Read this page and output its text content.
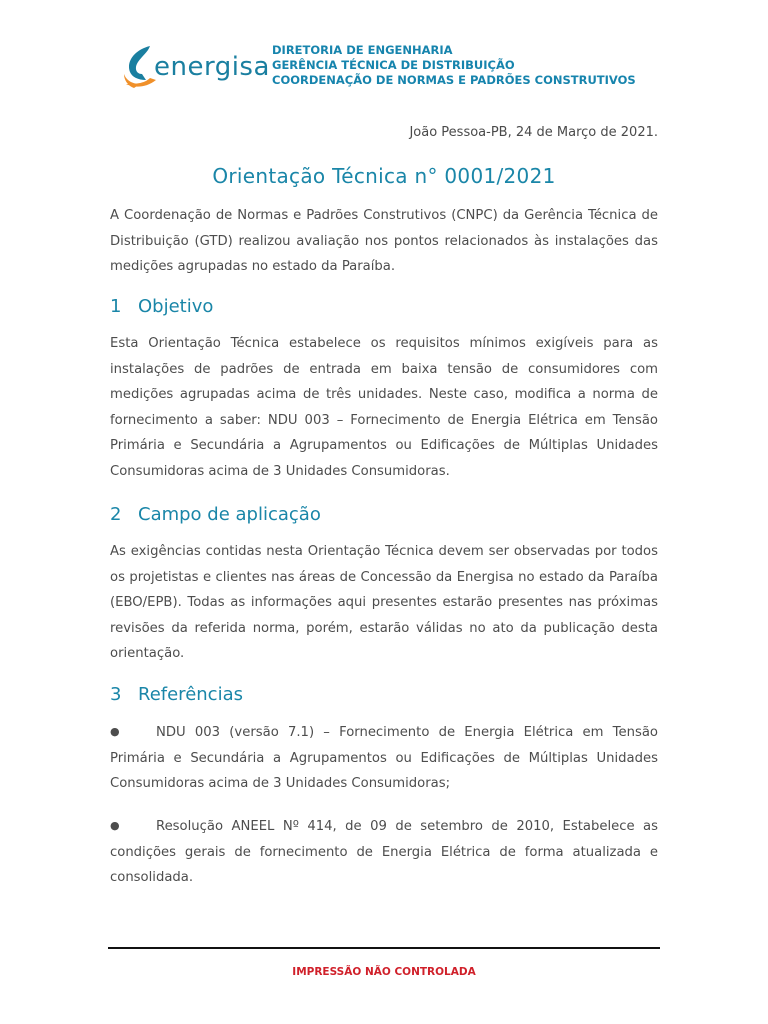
energisa
DIRETORIA DE ENGENHARIA
GERÊNCIA TÉCNICA DE DISTRIBUIÇÃO
COORDENAÇÃO DE NORMAS E PADRÕES CONSTRUTIVOS
João Pessoa-PB, 24 de Março de 2021.
Orientação Técnica n° 0001/2021
A Coordenação de Normas e Padrões Construtivos (CNPC) da Gerência Técnica de Distribuição (GTD) realizou avaliação nos pontos relacionados às instalações das medições agrupadas no estado da Paraíba.
1 Objetivo
Esta Orientação Técnica estabelece os requisitos mínimos exigíveis para as instalações de padrões de entrada em baixa tensão de consumidores com medições agrupadas acima de três unidades. Neste caso, modifica a norma de fornecimento a saber: NDU 003 – Fornecimento de Energia Elétrica em Tensão Primária e Secundária a Agrupamentos ou Edificações de Múltiplas Unidades Consumidoras acima de 3 Unidades Consumidoras.
2 Campo de aplicação
As exigências contidas nesta Orientação Técnica devem ser observadas por todos os projetistas e clientes nas áreas de Concessão da Energisa no estado da Paraíba (EBO/EPB). Todas as informações aqui presentes estarão presentes nas próximas revisões da referida norma, porém, estarão válidas no ato da publicação desta orientação.
3 Referências
●	NDU 003 (versão 7.1) – Fornecimento de Energia Elétrica em Tensão Primária e Secundária a Agrupamentos ou Edificações de Múltiplas Unidades Consumidoras acima de 3 Unidades Consumidoras;
●	Resolução ANEEL Nº 414, de 09 de setembro de 2010, Estabelece as condições gerais de fornecimento de Energia Elétrica de forma atualizada e consolidada.
IMPRESSÃO NÃO CONTROLADA
